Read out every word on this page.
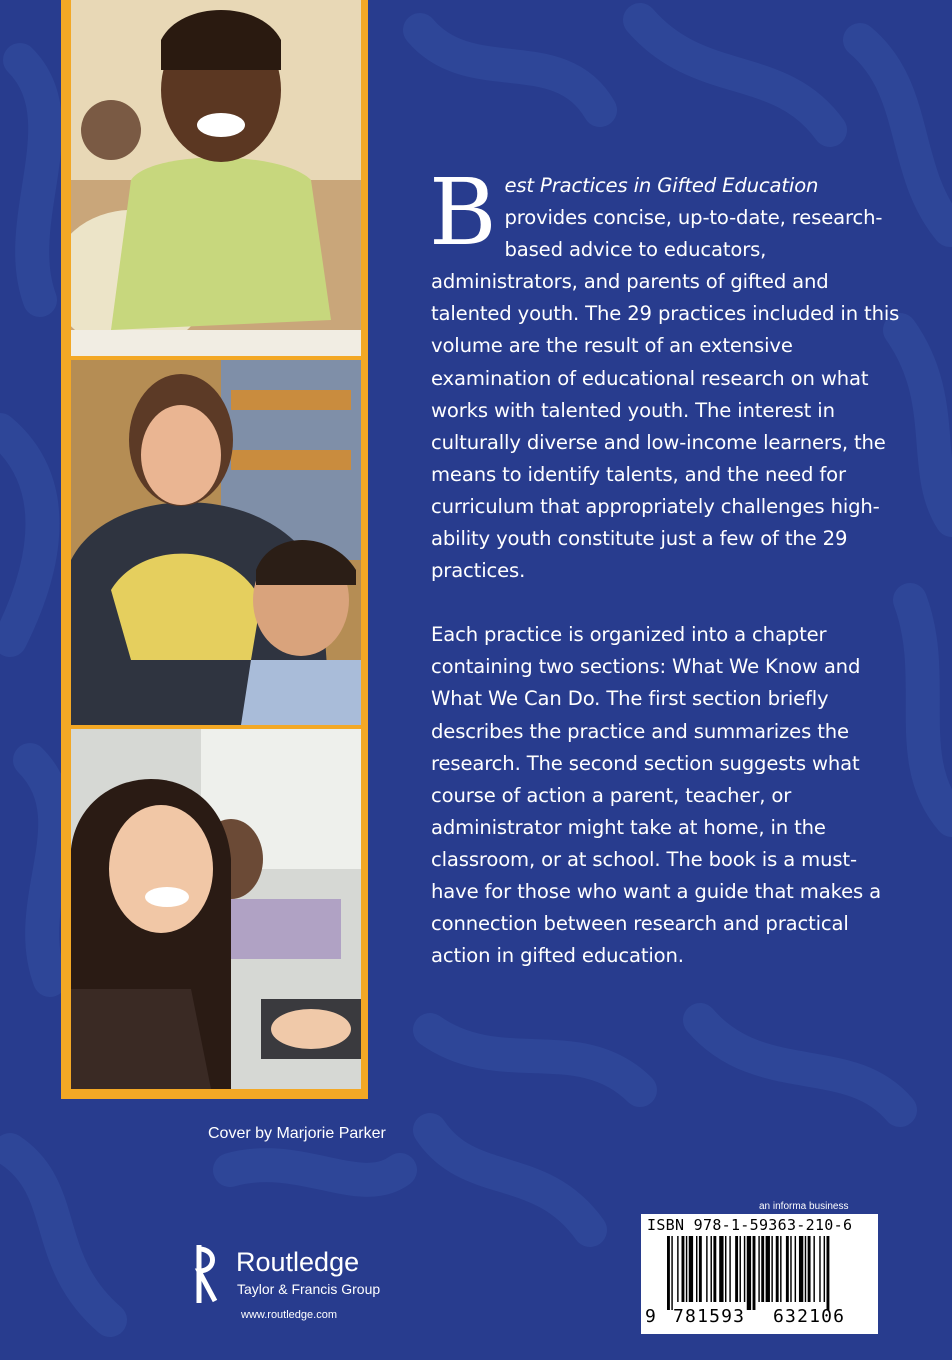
B est Practices in Gifted Education provides concise, up-to-date, research-based advice to educators, administrators, and parents of gifted and talented youth. The 29 practices included in this volume are the result of an extensive examination of educational research on what works with talented youth. The interest in culturally diverse and low-income learners, the means to identify talents, and the need for curriculum that appropriately challenges high-ability youth constitute just a few of the 29 practices.

Each practice is organized into a chapter containing two sections: What We Know and What We Can Do. The first section briefly describes the practice and summarizes the research. The second section suggests what course of action a parent, teacher, or administrator might take at home, in the classroom, or at school. The book is a must-have for those who want a guide that makes a connection between research and practical action in gifted education.

Cover by Marjorie Parker
Routledge
Taylor & Francis Group
www.routledge.com
an informa business
ISBN 978-1-59363-210-6
9 781593 632106
